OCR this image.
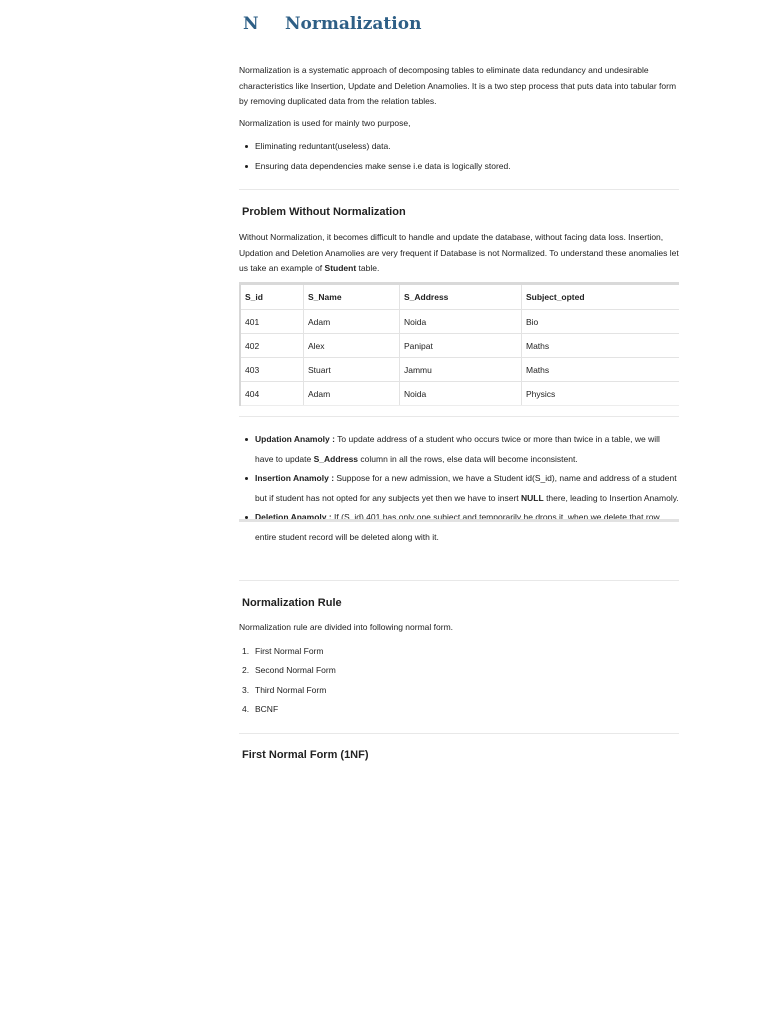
N Normalization

Normalization is a systematic approach of decomposing tables to eliminate data redundancy and undesirable characteristics like Insertion, Update and Deletion Anamolies. It is a two step process that puts data into tabular form by removing duplicated data from the relation tables.

Normalization is used for mainly two purpose,

Eliminating reduntant(useless) data.
Ensuring data dependencies make sense i.e data is logically stored.
Problem Without Normalization

Without Normalization, it becomes difficult to handle and update the database, without facing data loss. Insertion, Updation and Deletion Anamolies are very frequent if Database is not Normalized. To understand these anomalies let us take an example of Student table.

S_id	S_Name	S_Address	Subject_opted
401	Adam	Noida	Bio
402	Alex	Panipat	Maths
403	Stuart	Jammu	Maths
404	Adam	Noida	Physics
Updation Anamoly : To update address of a student who occurs twice or more than twice in a table, we will have to update S_Address column in all the rows, else data will become inconsistent.
Insertion Anamoly : Suppose for a new admission, we have a Student id(S_id), name and address of a student but if student has not opted for any subjects yet then we have to insert NULL there, leading to Insertion Anamoly.
Deletion Anamoly : If (S_id) 401 has only one subject and temporarily he drops it, when we delete that row, entire student record will be deleted along with it.
Normalization Rule

Normalization rule are divided into following normal form.

1. First Normal Form
2. Second Normal Form
3. Third Normal Form
4. BCNF
First Normal Form (1NF)
